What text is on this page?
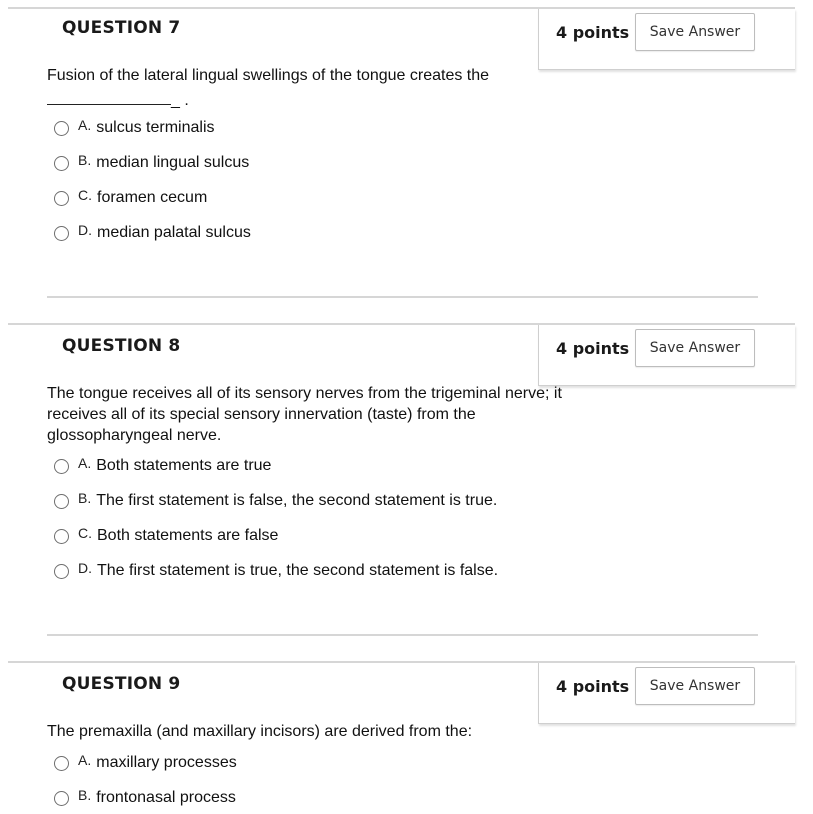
QUESTION 7	4 points	Save Answer
Fusion of the lateral lingual swellings of the tongue creates the
_ .
A. sulcus terminalis
B. median lingual sulcus
C. foramen cecum
D. median palatal sulcus
QUESTION 8	4 points	Save Answer
The tongue receives all of its sensory nerves from the trigeminal nerve; it receives all of its special sensory innervation (taste) from the glossopharyngeal nerve.
A. Both statements are true
B. The first statement is false, the second statement is true.
C. Both statements are false
D. The first statement is true, the second statement is false.
QUESTION 9	4 points	Save Answer
The premaxilla (and maxillary incisors) are derived from the:
A. maxillary processes
B. frontonasal process
